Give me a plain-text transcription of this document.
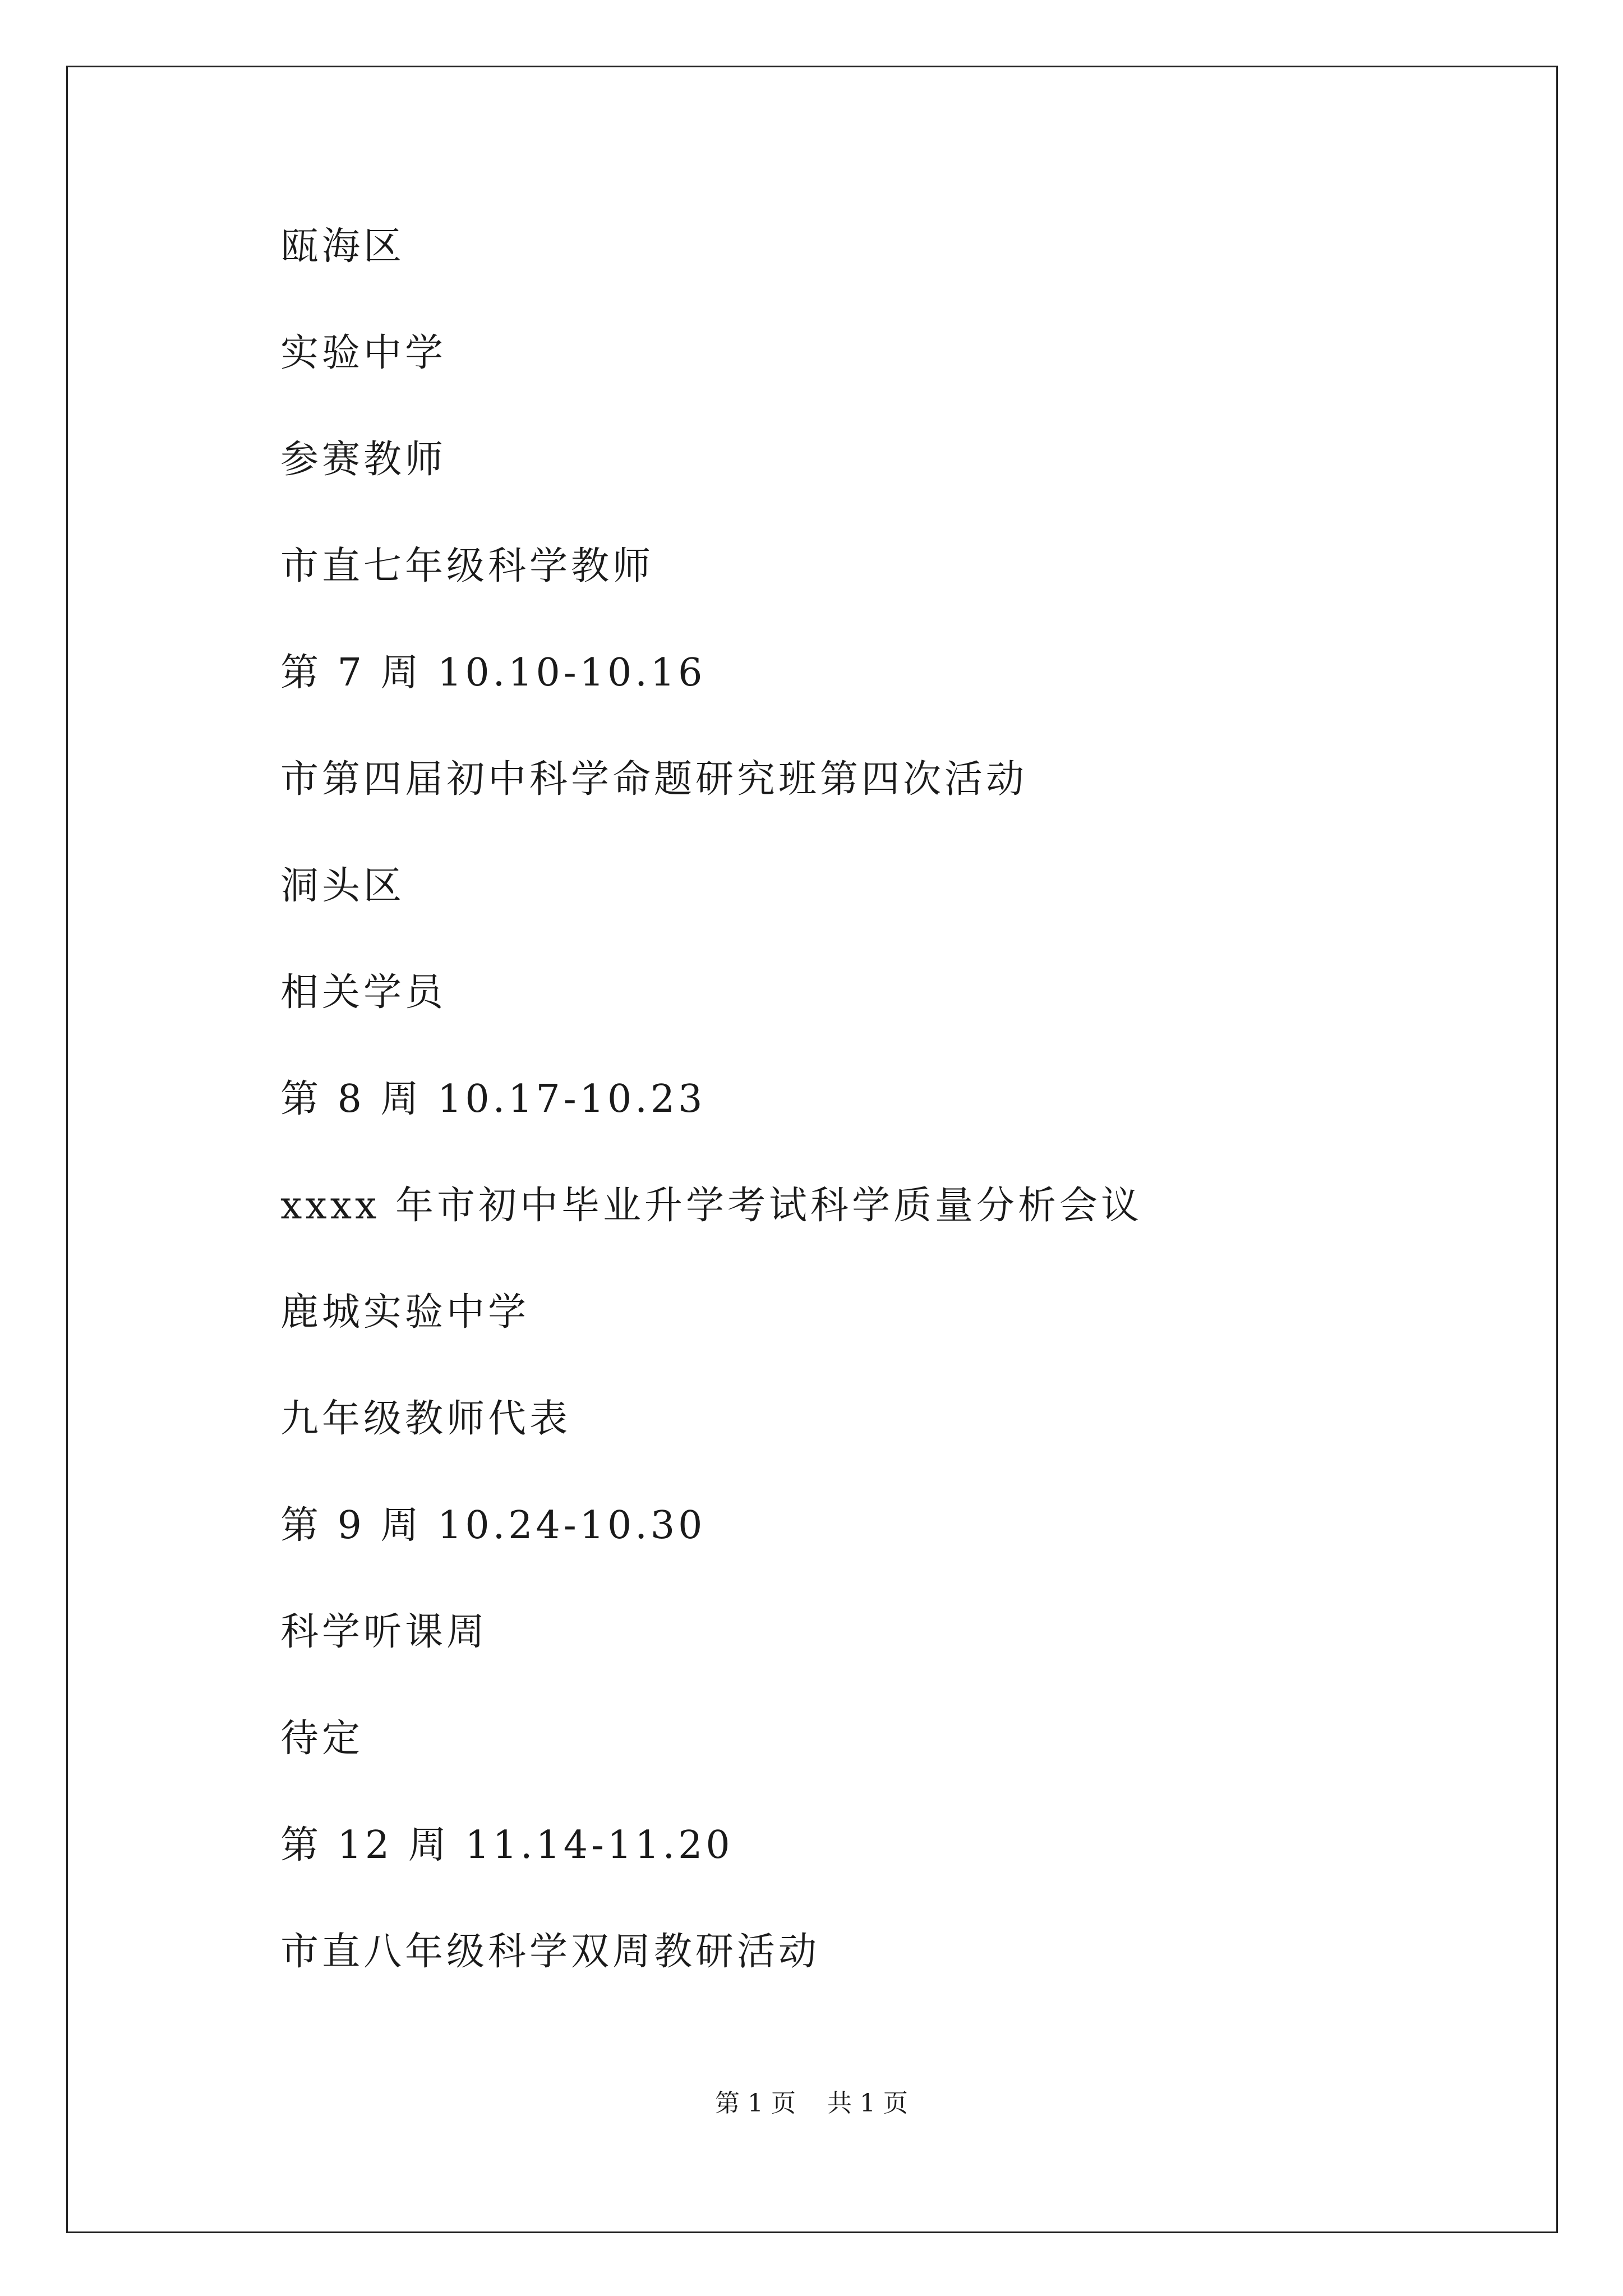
瓯海区
实验中学
参赛教师
市直七年级科学教师
第 7 周 10.10-10.16
市第四届初中科学命题研究班第四次活动
洞头区
相关学员
第 8 周 10.17-10.23
xxxx 年市初中毕业升学考试科学质量分析会议
鹿城实验中学
九年级教师代表
第 9 周 10.24-10.30
科学听课周
待定
第 12 周 11.14-11.20
市直八年级科学双周教研活动
第 1 页    共 1 页
